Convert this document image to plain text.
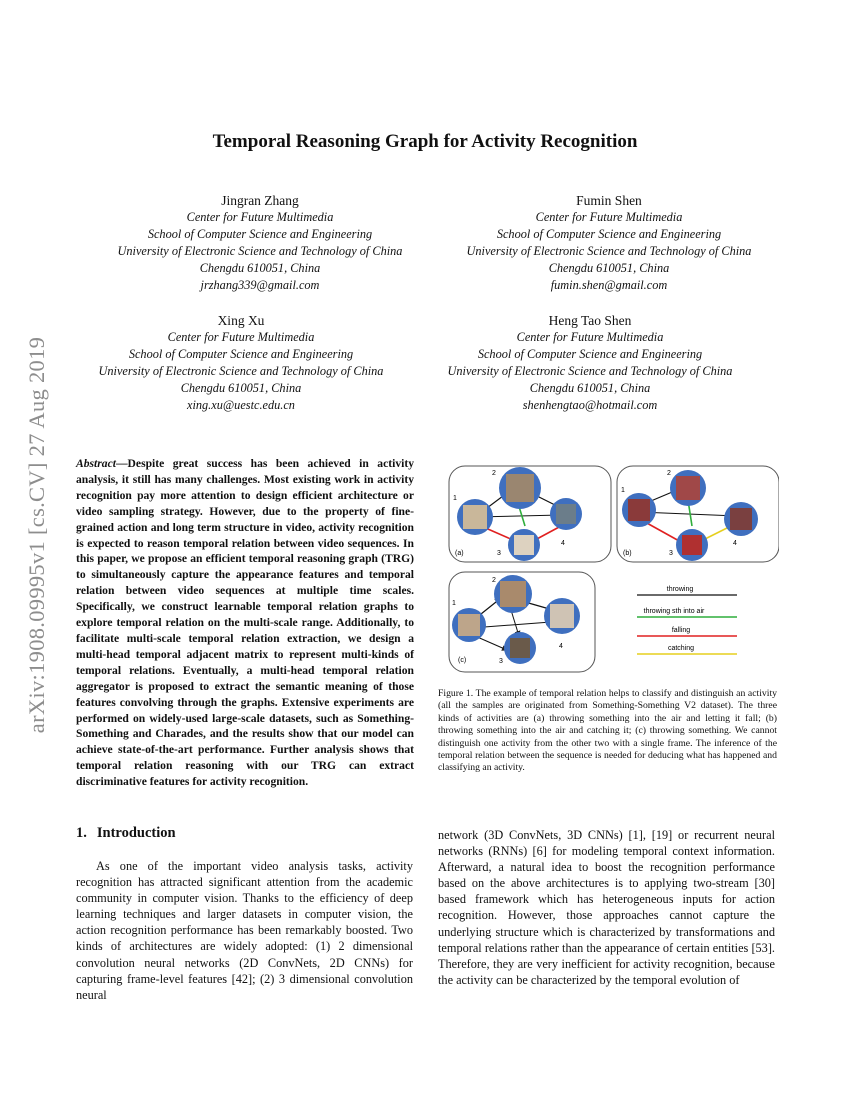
Temporal Reasoning Graph for Activity Recognition
arXiv:1908.09995v1 [cs.CV] 27 Aug 2019
Jingran Zhang
Center for Future Multimedia
School of Computer Science and Engineering
University of Electronic Science and Technology of China
Chengdu 610051, China
jrzhang339@gmail.com
Fumin Shen
Center for Future Multimedia
School of Computer Science and Engineering
University of Electronic Science and Technology of China
Chengdu 610051, China
fumin.shen@gmail.com
Xing Xu
Center for Future Multimedia
School of Computer Science and Engineering
University of Electronic Science and Technology of China
Chengdu 610051, China
xing.xu@uestc.edu.cn
Heng Tao Shen
Center for Future Multimedia
School of Computer Science and Engineering
University of Electronic Science and Technology of China
Chengdu 610051, China
shenhengtao@hotmail.com
Abstract—Despite great success has been achieved in activity analysis, it still has many challenges. Most existing work in activity recognition pay more attention to design efficient architecture or video sampling strategy. However, due to the property of fine-grained action and long term structure in video, activity recognition is expected to reason temporal relation between video sequences. In this paper, we propose an efficient temporal reasoning graph (TRG) to simultaneously capture the appearance features and temporal relation between video sequences at multiple time scales. Specifically, we construct learnable temporal relation graphs to explore temporal relation on the multi-scale range. Additionally, to facilitate multi-scale temporal relation extraction, we design a multi-head temporal adjacent matrix to represent multi-kinds of temporal relations. Eventually, a multi-head temporal relation aggregator is proposed to extract the semantic meaning of those features convolving through the graphs. Extensive experiments are performed on widely-used large-scale datasets, such as Something-Something and Charades, and the results show that our model can achieve state-of-the-art performance. Further analysis shows that temporal relation reasoning with our TRG can extract discriminative features for activity recognition.
1
2
3
4
(a)
1
2
3
4
(b)
1
2
3
4
(c)
throwing
throwing sth into air
falling
catching
Figure 1. The example of temporal relation helps to classify and distinguish an activity (all the samples are originated from Something-Something V2 dataset). The three kinds of activities are (a) throwing something into the air and letting it fall; (b) throwing something into the air and catching it; (c) throwing something. We cannot distinguish one activity from the other two with a single frame. The inference of the temporal relation between the sequence is needed for deducing what has happened and classifying an activity.
1. Introduction

As one of the important video analysis tasks, activity recognition has attracted significant attention from the academic community in computer vision. Thanks to the efficiency of deep learning techniques and larger datasets in computer vision, the action recognition performance has been remarkably boosted. Two kinds of architectures are widely adopted: (1) 2 dimensional convolution neural networks (2D ConvNets, 2D CNNs) for capturing frame-level features [42]; (2) 3 dimensional convolution neural

network (3D ConvNets, 3D CNNs) [1], [19] or recurrent neural networks (RNNs) [6] for modeling temporal context information. Afterward, a natural idea to boost the recognition performance based on the above architectures is to applying two-stream [30] based framework which has heterogeneous inputs for action recognition. However, those approaches cannot capture the underlying structure which is characterized by transformations and temporal relations rather than the appearance of certain entities [53]. Therefore, they are very inefficient for activity recognition, because the activity can be characterized by the temporal evolution of
